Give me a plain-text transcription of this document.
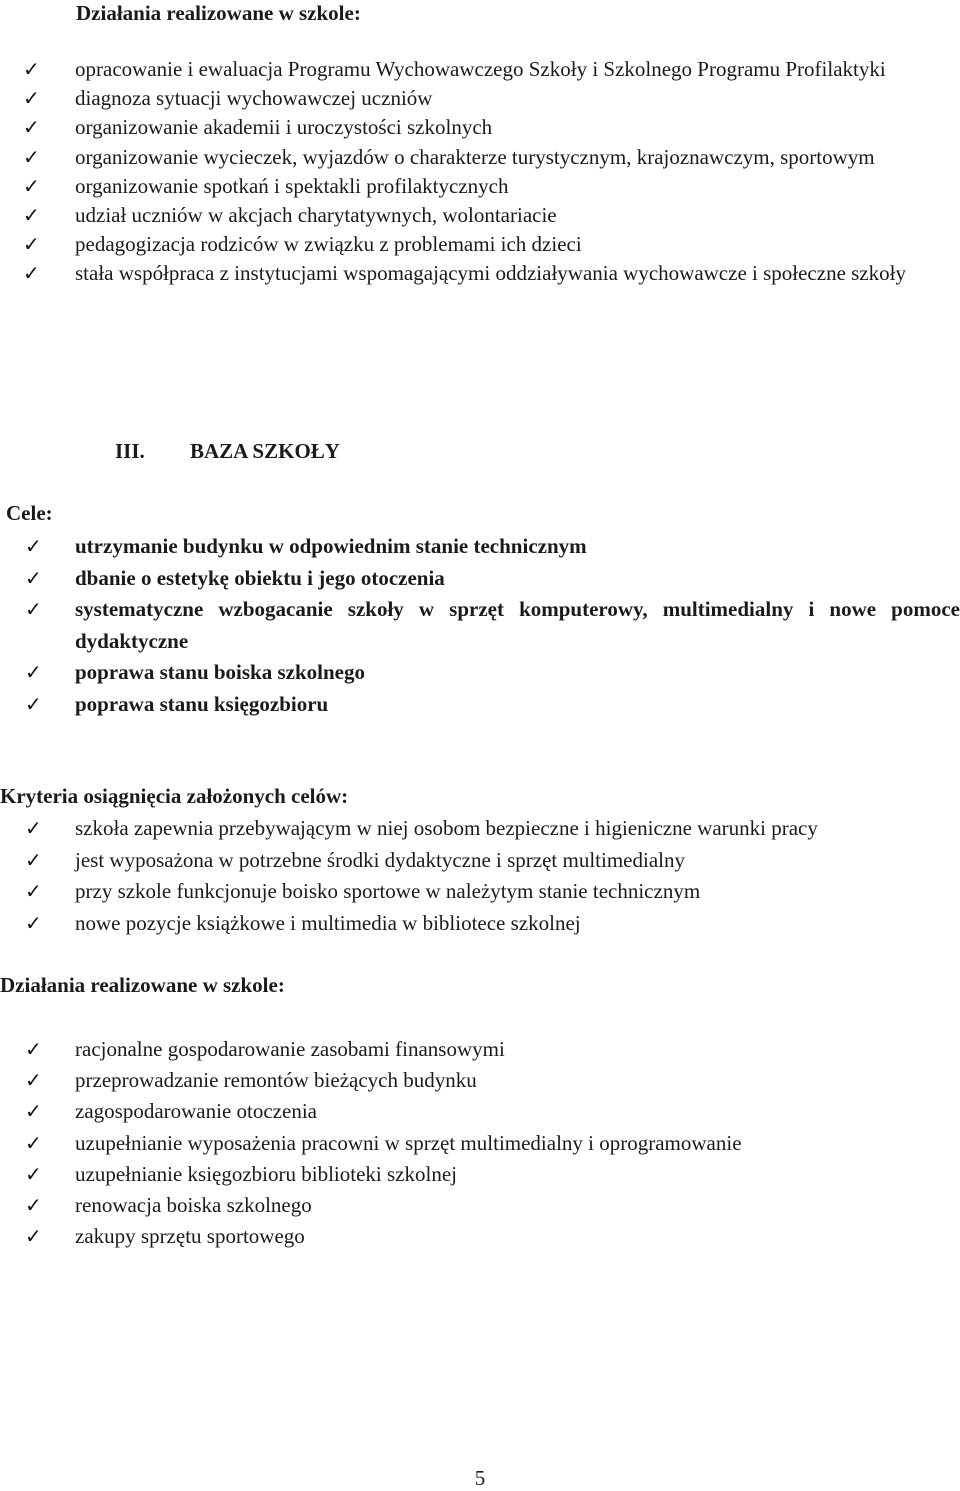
Działania realizowane w szkole:
✓ opracowanie i ewaluacja Programu Wychowawczego Szkoły i Szkolnego Programu Profilaktyki
✓ diagnoza sytuacji wychowawczej uczniów
✓ organizowanie akademii i uroczystości szkolnych
✓ organizowanie wycieczek, wyjazdów o charakterze turystycznym, krajoznawczym, sportowym
✓ organizowanie spotkań i spektakli profilaktycznych
✓ udział uczniów w akcjach charytatywnych, wolontariacie
✓ pedagogizacja rodziców w związku z problemami ich dzieci
✓ stała współpraca z instytucjami wspomagającymi oddziaływania wychowawcze i społeczne szkoły
III. BAZA SZKOŁY
Cele:
✓ utrzymanie budynku w odpowiednim stanie technicznym
✓ dbanie o estetykę obiektu i jego otoczenia
✓ systematyczne wzbogacanie szkoły w sprzęt komputerowy, multimedialny i nowe pomoce dydaktyczne
✓ poprawa stanu boiska szkolnego
✓ poprawa stanu księgozbioru
Kryteria osiągnięcia założonych celów:
✓ szkoła zapewnia przebywającym w niej osobom bezpieczne i higieniczne warunki pracy
✓ jest wyposażona w potrzebne środki dydaktyczne i sprzęt multimedialny
✓ przy szkole funkcjonuje boisko sportowe w należytym stanie technicznym
✓ nowe pozycje książkowe i multimedia w bibliotece szkolnej
Działania realizowane w szkole:
✓ racjonalne gospodarowanie zasobami finansowymi
✓ przeprowadzanie remontów bieżących budynku
✓ zagospodarowanie otoczenia
✓ uzupełnianie wyposażenia pracowni w sprzęt multimedialny i oprogramowanie
✓ uzupełnianie księgozbioru biblioteki szkolnej
✓ renowacja boiska szkolnego
✓ zakupy sprzętu sportowego
5
